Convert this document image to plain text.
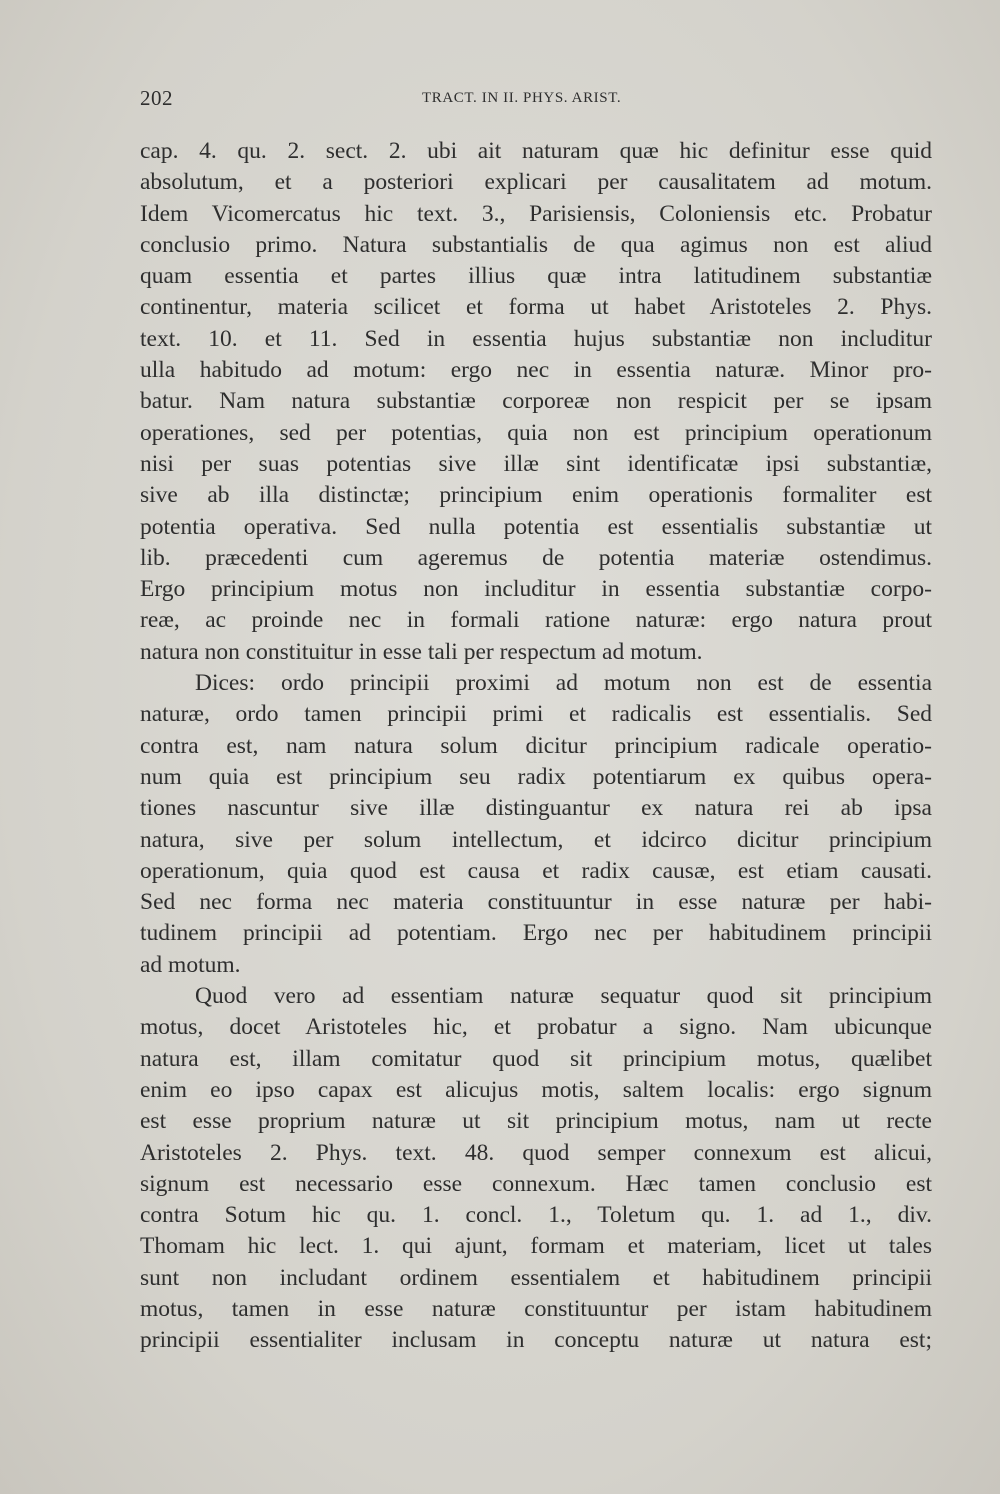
202	TRACT. IN II. PHYS. ARIST.
cap. 4. qu. 2. sect. 2. ubi ait naturam quæ hic definitur esse quid
absolutum, et a posteriori explicari per causalitatem ad motum.
Idem Vicomercatus hic text. 3., Parisiensis, Coloniensis etc. Probatur
conclusio primo. Natura substantialis de qua agimus non est aliud
quam essentia et partes illius quæ intra latitudinem substantiæ
continentur, materia scilicet et forma ut habet Aristoteles 2. Phys.
text. 10. et 11. Sed in essentia hujus substantiæ non includitur
ulla habitudo ad motum: ergo nec in essentia naturæ. Minor pro-
batur. Nam natura substantiæ corporeæ non respicit per se ipsam
operationes, sed per potentias, quia non est principium operationum
nisi per suas potentias sive illæ sint identificatæ ipsi substantiæ,
sive ab illa distinctæ; principium enim operationis formaliter est
potentia operativa. Sed nulla potentia est essentialis substantiæ ut
lib. præcedenti cum ageremus de potentia materiæ ostendimus.
Ergo principium motus non includitur in essentia substantiæ corpo-
reæ, ac proinde nec in formali ratione naturæ: ergo natura prout
natura non constituitur in esse tali per respectum ad motum.
Dices: ordo principii proximi ad motum non est de essentia
naturæ, ordo tamen principii primi et radicalis est essentialis. Sed
contra est, nam natura solum dicitur principium radicale operatio-
num quia est principium seu radix potentiarum ex quibus opera-
tiones nascuntur sive illæ distinguantur ex natura rei ab ipsa
natura, sive per solum intellectum, et idcirco dicitur principium
operationum, quia quod est causa et radix causæ, est etiam causati.
Sed nec forma nec materia constituuntur in esse naturæ per habi-
tudinem principii ad potentiam. Ergo nec per habitudinem principii
ad motum.
Quod vero ad essentiam naturæ sequatur quod sit principium
motus, docet Aristoteles hic, et probatur a signo. Nam ubicunque
natura est, illam comitatur quod sit principium motus, quælibet
enim eo ipso capax est alicujus motis, saltem localis: ergo signum
est esse proprium naturæ ut sit principium motus, nam ut recte
Aristoteles 2. Phys. text. 48. quod semper connexum est alicui,
signum est necessario esse connexum. Hæc tamen conclusio est
contra Sotum hic qu. 1. concl. 1., Toletum qu. 1. ad 1., div.
Thomam hic lect. 1. qui ajunt, formam et materiam, licet ut tales
sunt non includant ordinem essentialem et habitudinem principii
motus, tamen in esse naturæ constituuntur per istam habitudinem
principii essentialiter inclusam in conceptu naturæ ut natura est;
